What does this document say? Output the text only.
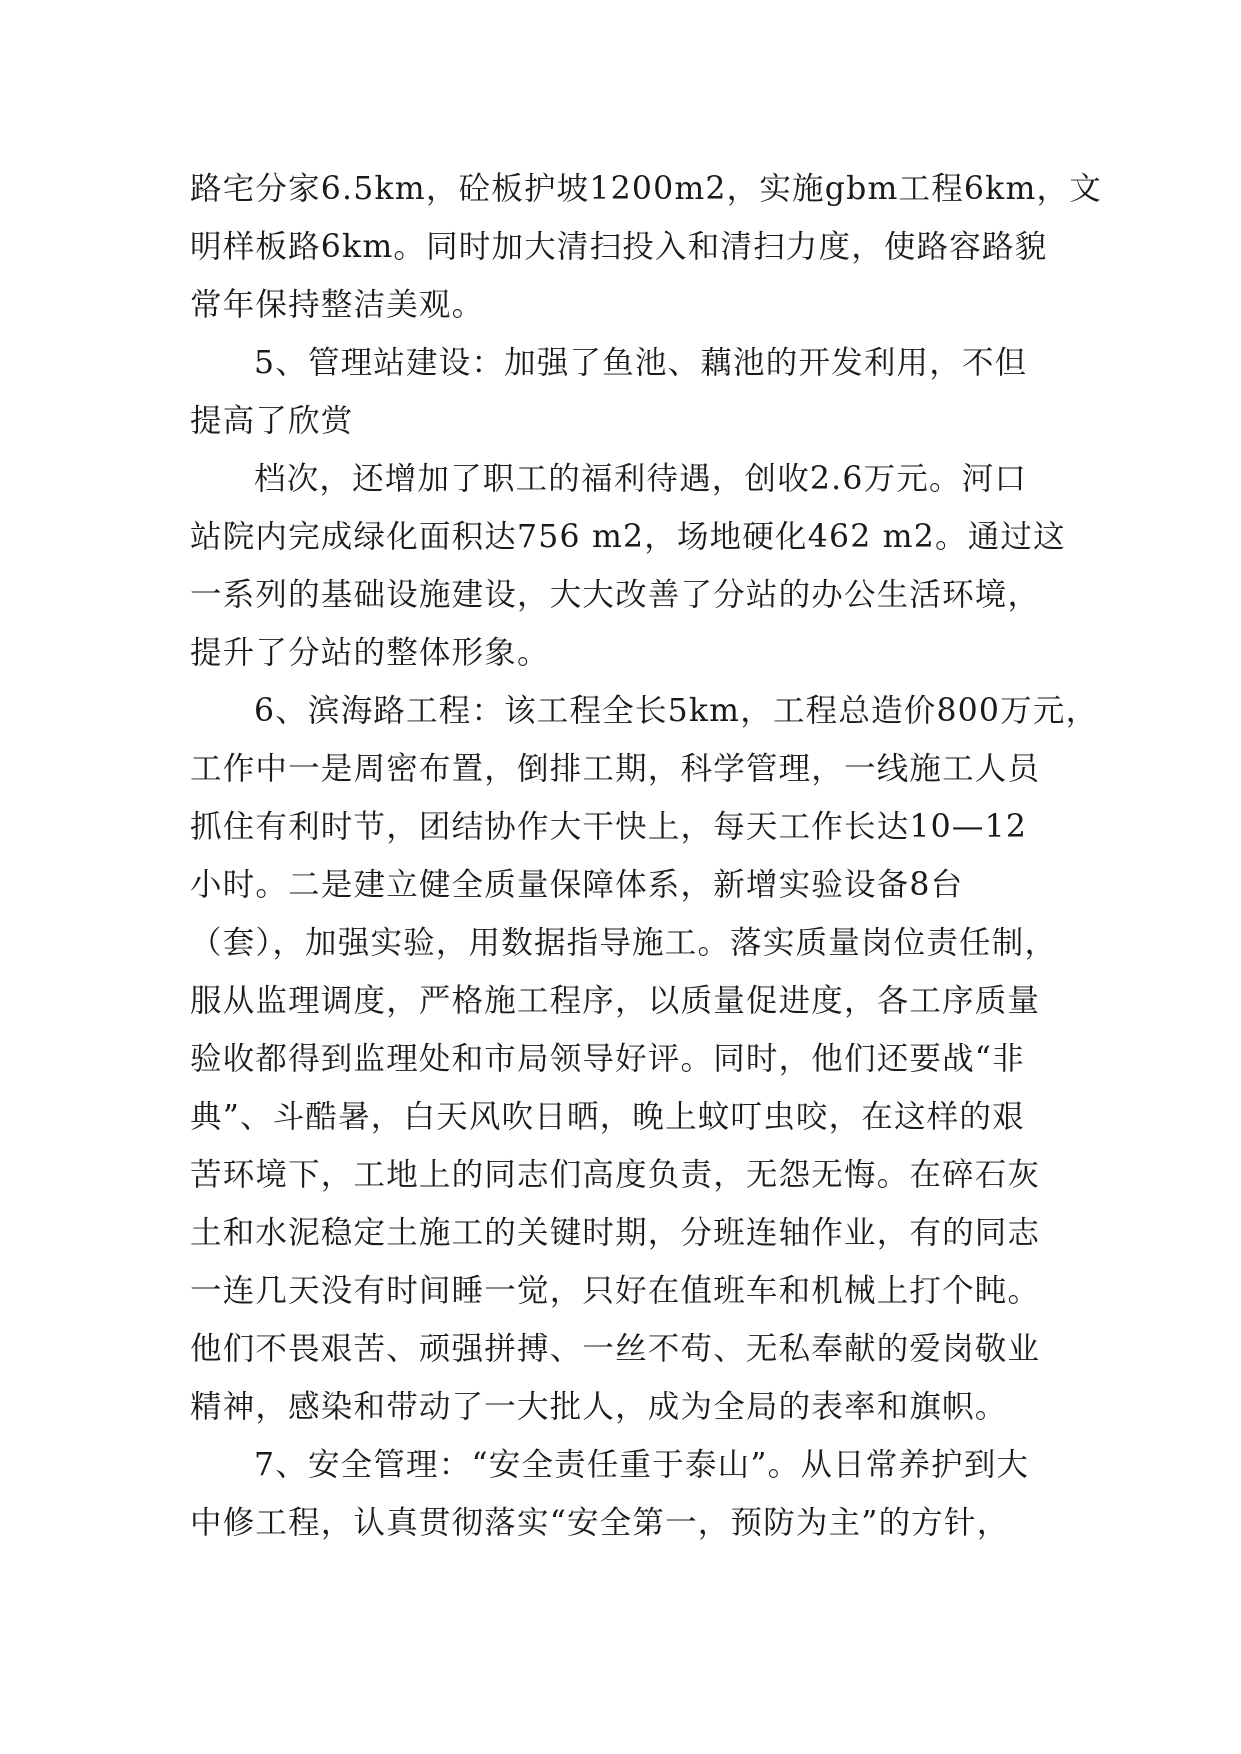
路宅分家6.5km，砼板护坡1200m2，实施gbm工程6km，文
明样板路6km。同时加大清扫投入和清扫力度，使路容路貌
常年保持整洁美观。
5、管理站建设：加强了鱼池、藕池的开发利用，不但
提高了欣赏
档次，还增加了职工的福利待遇，创收2.6万元。河口
站院内完成绿化面积达756 m2，场地硬化462 m2。通过这
一系列的基础设施建设，大大改善了分站的办公生活环境，
提升了分站的整体形象。
6、滨海路工程：该工程全长5km，工程总造价800万元，
工作中一是周密布置，倒排工期，科学管理，一线施工人员
抓住有利时节，团结协作大干快上，每天工作长达10—12
小时。二是建立健全质量保障体系，新增实验设备8台
（套），加强实验，用数据指导施工。落实质量岗位责任制，
服从监理调度，严格施工程序，以质量促进度，各工序质量
验收都得到监理处和市局领导好评。同时，他们还要战“非
典”、斗酷暑，白天风吹日晒，晚上蚊叮虫咬，在这样的艰
苦环境下，工地上的同志们高度负责，无怨无悔。在碎石灰
土和水泥稳定土施工的关键时期，分班连轴作业，有的同志
一连几天没有时间睡一觉，只好在值班车和机械上打个盹。
他们不畏艰苦、顽强拼搏、一丝不苟、无私奉献的爱岗敬业
精神，感染和带动了一大批人，成为全局的表率和旗帜。
7、安全管理：“安全责任重于泰山”。从日常养护到大
中修工程，认真贯彻落实“安全第一，预防为主”的方针，
